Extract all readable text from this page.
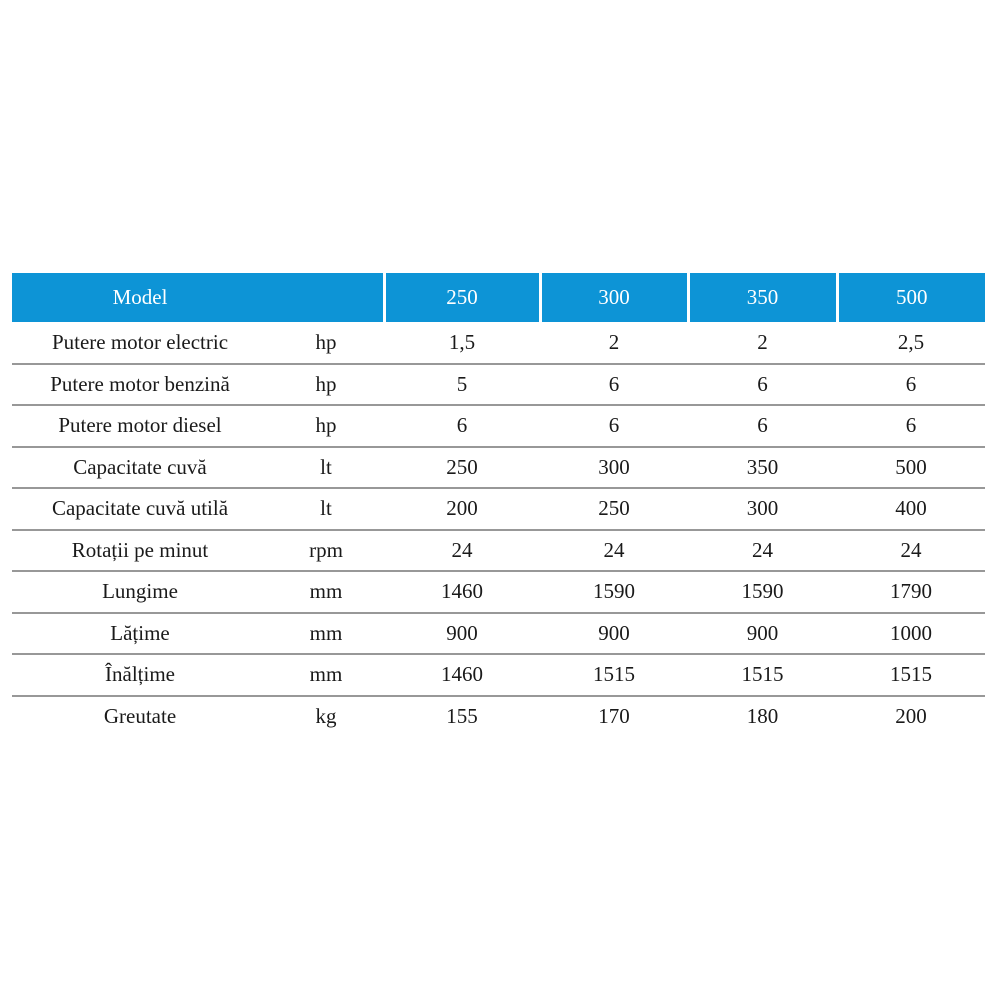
Model		250	300	350	500
Putere motor electric	hp	1,5	2	2	2,5
Putere motor benzină	hp	5	6	6	6
Putere motor diesel	hp	6	6	6	6
Capacitate cuvă	lt	250	300	350	500
Capacitate cuvă utilă	lt	200	250	300	400
Rotații pe minut	rpm	24	24	24	24
Lungime	mm	1460	1590	1590	1790
Lățime	mm	900	900	900	1000
Înălțime	mm	1460	1515	1515	1515
Greutate	kg	155	170	180	200
